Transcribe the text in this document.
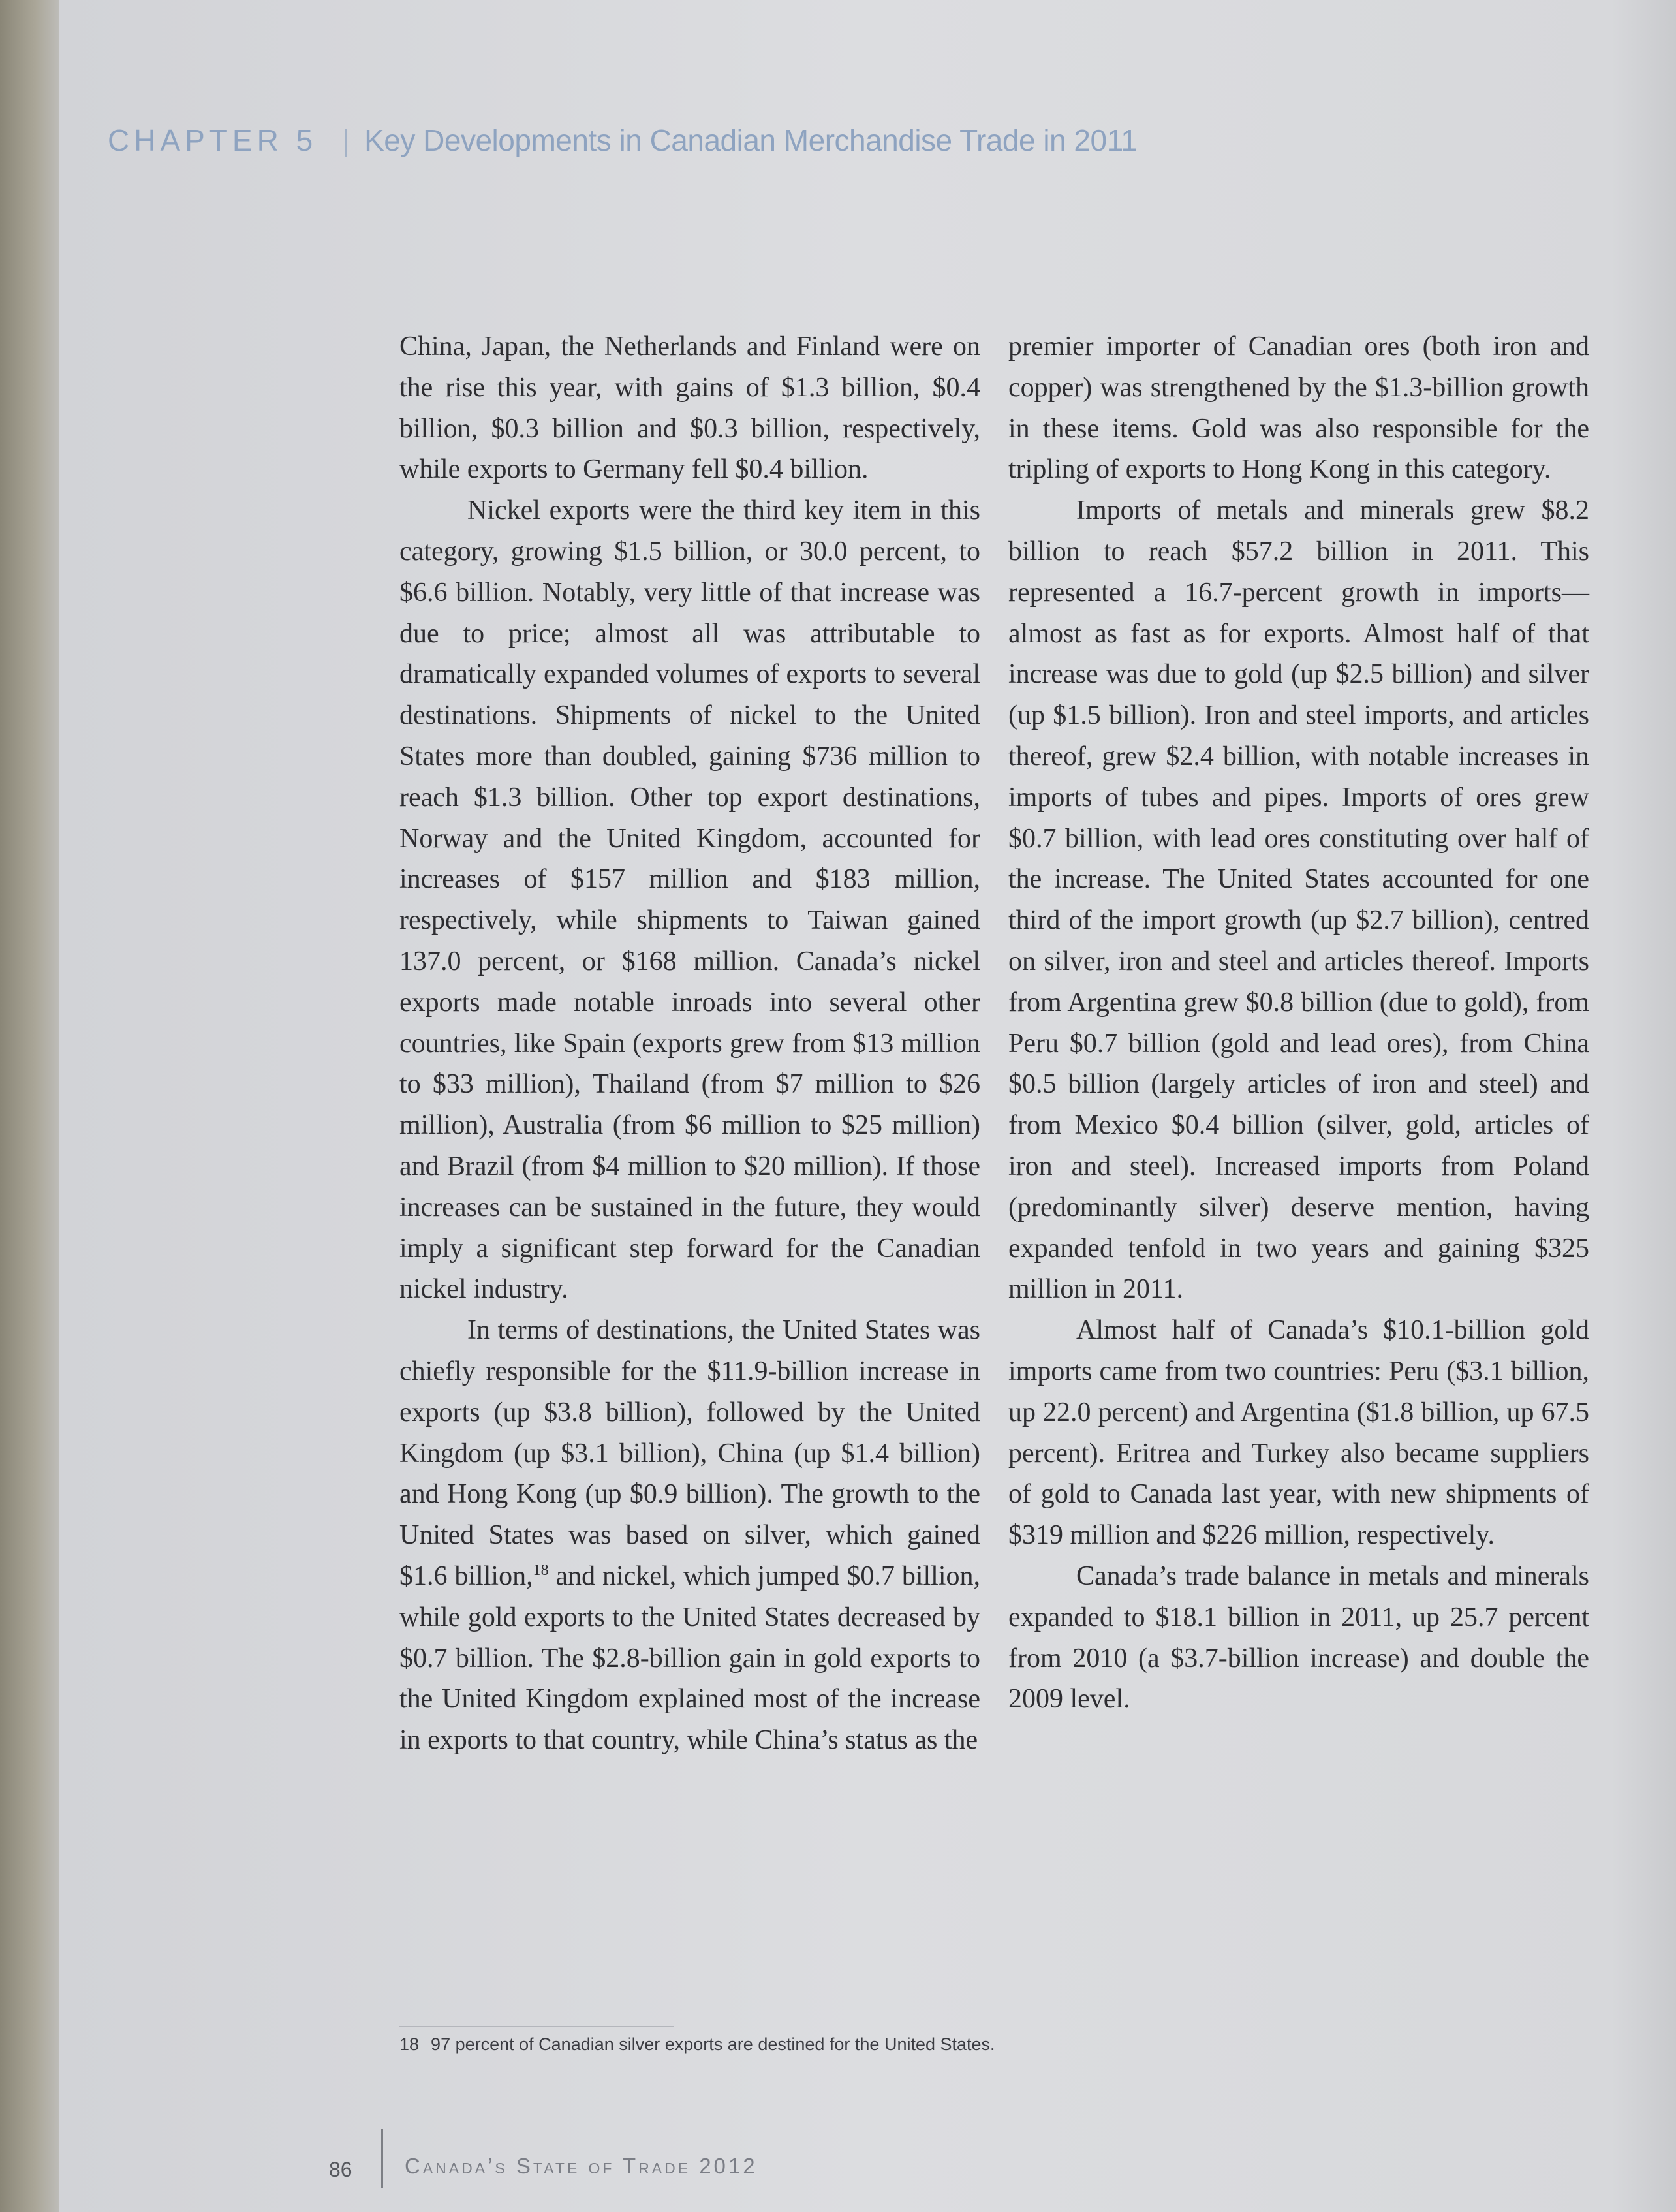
CHAPTER 5 | Key Developments in Canadian Merchandise Trade in 2011

China, Japan, the Netherlands and Finland were on the rise this year, with gains of $1.3 billion, $0.4 billion, $0.3 billion and $0.3 billion, respectively, while exports to Germany fell $0.4 billion.

Nickel exports were the third key item in this category, growing $1.5 billion, or 30.0 percent, to $6.6 billion. Notably, very little of that increase was due to price; almost all was attributable to dramatically expanded volumes of exports to several destinations. Shipments of nickel to the United States more than doubled, gaining $736 million to reach $1.3 billion. Other top export destinations, Norway and the United Kingdom, accounted for increases of $157 million and $183 million, respectively, while shipments to Taiwan gained 137.0 percent, or $168 million. Canada’s nickel exports made notable inroads into several other countries, like Spain (exports grew from $13 million to $33 million), Thailand (from $7 million to $26 million), Australia (from $6 million to $25 million) and Brazil (from $4 million to $20 million). If those increases can be sustained in the future, they would imply a significant step forward for the Canadian nickel industry.

In terms of destinations, the United States was chiefly responsible for the $11.9-billion increase in exports (up $3.8 billion), followed by the United Kingdom (up $3.1 billion), China (up $1.4 billion) and Hong Kong (up $0.9 billion). The growth to the United States was based on silver, which gained $1.6 billion,$^{18}$ and nickel, which jumped $0.7 billion, while gold exports to the United States decreased by $0.7 billion. The $2.8-billion gain in gold exports to the United Kingdom explained most of the increase in exports to that country, while China’s status as the

premier importer of Canadian ores (both iron and copper) was strengthened by the $1.3-billion growth in these items. Gold was also responsible for the tripling of exports to Hong Kong in this category.

Imports of metals and minerals grew $8.2 billion to reach $57.2 billion in 2011. This represented a 16.7-percent growth in imports—almost as fast as for exports. Almost half of that increase was due to gold (up $2.5 billion) and silver (up $1.5 billion). Iron and steel imports, and articles thereof, grew $2.4 billion, with notable increases in imports of tubes and pipes. Imports of ores grew $0.7 billion, with lead ores constituting over half of the increase. The United States accounted for one third of the import growth (up $2.7 billion), centred on silver, iron and steel and articles thereof. Imports from Argentina grew $0.8 billion (due to gold), from Peru $0.7 billion (gold and lead ores), from China $0.5 billion (largely articles of iron and steel) and from Mexico $0.4 billion (silver, gold, articles of iron and steel). Increased imports from Poland (predominantly silver) deserve mention, having expanded tenfold in two years and gaining $325 million in 2011.

Almost half of Canada’s $10.1-billion gold imports came from two countries: Peru ($3.1 billion, up 22.0 percent) and Argentina ($1.8 billion, up 67.5 percent). Eritrea and Turkey also became suppliers of gold to Canada last year, with new shipments of $319 million and $226 million, respectively.

Canada’s trade balance in metals and minerals expanded to $18.1 billion in 2011, up 25.7 percent from 2010 (a $3.7-billion increase) and double the 2009 level.

18 97 percent of Canadian silver exports are destined for the United States.
86 Canada’s State of Trade 2012
